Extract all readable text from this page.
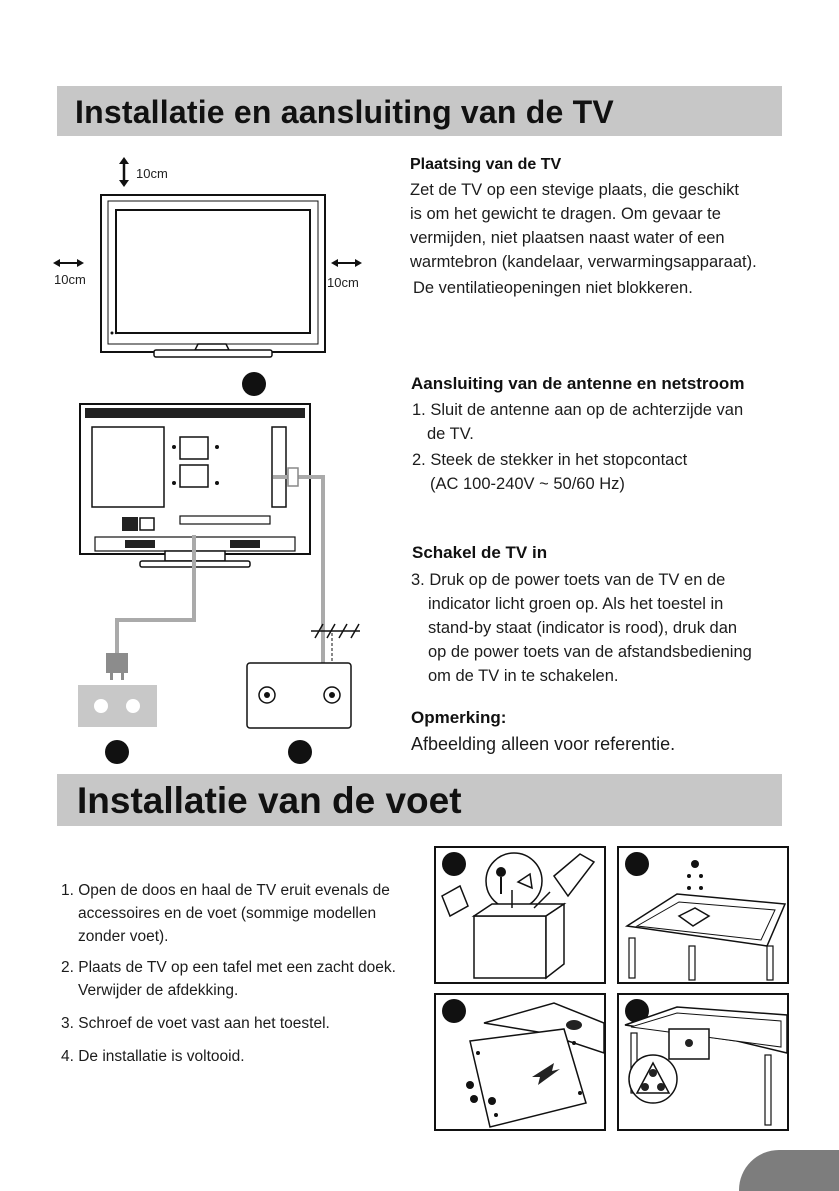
Installatie en aansluiting van de TV
10cm
10cm	10cm
Plaatsing van de TV
Zet de TV op een stevige plaats, die geschikt
is om het gewicht te dragen. Om gevaar te
vermijden, niet plaatsen naast water of een
warmtebron (kandelaar, verwarmingsapparaat).
De ventilatieopeningen niet blokkeren.
Aansluiting van de antenne en netstroom
1. Sluit de antenne aan op de achterzijde van
de TV.
2. Steek de stekker in het stopcontact
(AC 100-240V ~ 50/60 Hz)
Schakel de TV in
3. Druk op de power toets van de TV en de
indicator licht groen op. Als het toestel in
stand-by staat (indicator is rood), druk dan
op de power toets van de afstandsbediening
om de TV in te schakelen.
Opmerking:
Afbeelding alleen voor referentie.
Installatie van de voet
1. Open de doos en haal de TV eruit evenals de
accessoires en de voet (sommige modellen
zonder voet).
2. Plaats de TV op een tafel met een zacht doek.
Verwijder de afdekking.
3. Schroef de voet vast aan het toestel.
4. De installatie is voltooid.
